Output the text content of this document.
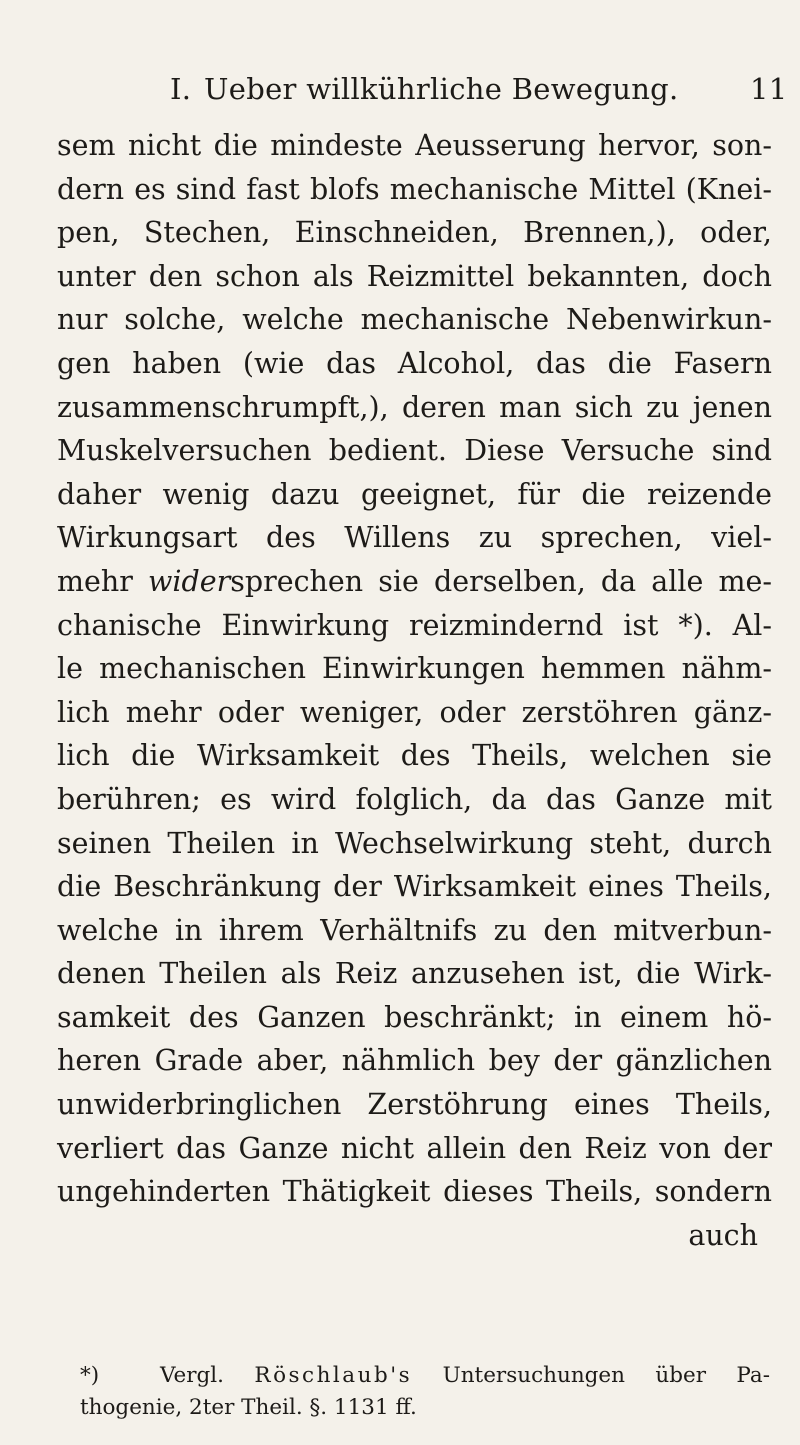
I. Ueber willkührliche Bewegung. 11
sem nicht die mindeste Aeusserung hervor, son-
dern es sind fast blofs mechanische Mittel (Knei-
pen, Stechen, Einschneiden, Brennen,), oder,
unter den schon als Reizmittel bekannten, doch
nur solche, welche mechanische Nebenwirkun-
gen haben (wie das Alcohol, das die Fasern
zusammenschrumpft,), deren man sich zu jenen
Muskelversuchen bedient. Diese Versuche sind
daher wenig dazu geeignet, für die reizende
Wirkungsart des Willens zu sprechen, viel-
mehr widersprechen sie derselben, da alle me-
chanische Einwirkung reizmindernd ist *). Al-
le mechanischen Einwirkungen hemmen nähm-
lich mehr oder weniger, oder zerstöhren gänz-
lich die Wirksamkeit des Theils, welchen sie
berühren; es wird folglich, da das Ganze mit
seinen Theilen in Wechselwirkung steht, durch
die Beschränkung der Wirksamkeit eines Theils,
welche in ihrem Verhältnifs zu den mitverbun-
denen Theilen als Reiz anzusehen ist, die Wirk-
samkeit des Ganzen beschränkt; in einem hö-
heren Grade aber, nähmlich bey der gänzlichen
unwiderbringlichen Zerstöhrung eines Theils,
verliert das Ganze nicht allein den Reiz von der
ungehinderten Thätigkeit dieses Theils, sondern
auch
*)	Vergl. Röschlaub's Untersuchungen über Pa-
thogenie, 2ter Theil. §. 1131 ff.
